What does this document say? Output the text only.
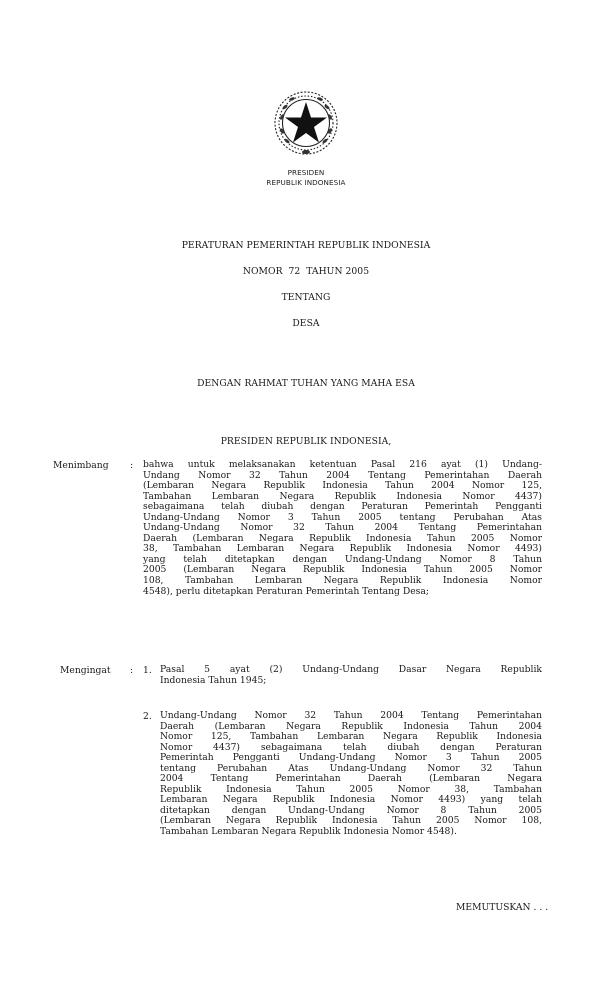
PRESIDEN
REPUBLIK INDONESIA
PERATURAN PEMERINTAH REPUBLIK INDONESIA
NOMOR  72  TAHUN 2005
TENTANG
DESA
DENGAN RAHMAT TUHAN YANG MAHA ESA
PRESIDEN REPUBLIK INDONESIA,
Menimbang : bahwa untuk melaksanakan ketentuan Pasal 216 ayat (1) Undang-
Undang Nomor 32 Tahun 2004 Tentang Pemerintahan Daerah
(Lembaran Negara Republik Indonesia Tahun 2004 Nomor 125,
Tambahan Lembaran Negara Republik Indonesia Nomor 4437)
sebagaimana telah diubah dengan Peraturan Pemerintah Pengganti
Undang-Undang Nomor 3 Tahun 2005 tentang Perubahan Atas
Undang-Undang Nomor 32 Tahun 2004 Tentang Pemerintahan
Daerah (Lembaran Negara Republik Indonesia Tahun 2005 Nomor
38, Tambahan Lembaran Negara Republik Indonesia Nomor 4493)
yang telah ditetapkan dengan Undang-Undang Nomor 8 Tahun
2005 (Lembaran Negara Republik Indonesia Tahun 2005 Nomor
108, Tambahan Lembaran Negara Republik Indonesia Nomor
4548), perlu ditetapkan Peraturan Pemerintah Tentang Desa;
Mengingat : 1. Pasal 5 ayat (2) Undang-Undang Dasar Negara Republik
Indonesia Tahun 1945;
2. Undang-Undang Nomor 32 Tahun 2004 Tentang Pemerintahan
Daerah (Lembaran Negara Republik Indonesia Tahun 2004
Nomor 125, Tambahan Lembaran Negara Republik Indonesia
Nomor 4437) sebagaimana telah diubah dengan Peraturan
Pemerintah Pengganti Undang-Undang Nomor 3 Tahun 2005
tentang Perubahan Atas Undang-Undang Nomor 32 Tahun
2004 Tentang Pemerintahan Daerah (Lembaran Negara
Republik Indonesia Tahun 2005 Nomor 38, Tambahan
Lembaran Negara Republik Indonesia Nomor 4493) yang telah
ditetapkan dengan Undang-Undang Nomor 8 Tahun 2005
(Lembaran Negara Republik Indonesia Tahun 2005 Nomor 108,
Tambahan Lembaran Negara Republik Indonesia Nomor 4548).
MEMUTUSKAN . . .
